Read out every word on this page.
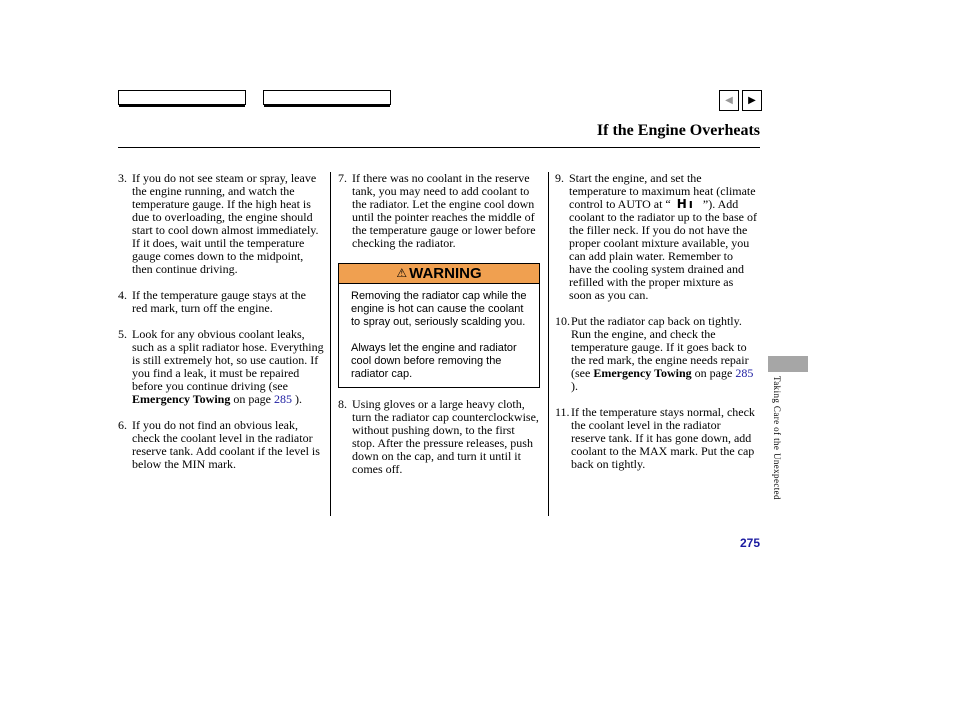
◀ ▶
If the Engine Overheats
3. If you do not see steam or spray, leave the engine running, and watch the temperature gauge. If the high heat is due to overloading, the engine should start to cool down almost immediately. If it does, wait until the temperature gauge comes down to the midpoint, then continue driving.
4. If the temperature gauge stays at the red mark, turn off the engine.
5. Look for any obvious coolant leaks, such as a split radiator hose. Everything is still extremely hot, so use caution. If you find a leak, it must be repaired before you continue driving (see Emergency Towing on page 285 ).
6. If you do not find an obvious leak, check the coolant level in the radiator reserve tank. Add coolant if the level is below the MIN mark.
7. If there was no coolant in the reserve tank, you may need to add coolant to the radiator. Let the engine cool down until the pointer reaches the middle of the temperature gauge or lower before checking the radiator.
⚠ WARNING

Removing the radiator cap while the engine is hot can cause the coolant to spray out, seriously scalding you.

Always let the engine and radiator cool down before removing the radiator cap.

8. Using gloves or a large heavy cloth, turn the radiator cap counterclockwise, without pushing down, to the first stop. After the pressure releases, push down on the cap, and turn it until it comes off.
9. Start the engine, and set the temperature to maximum heat (climate control to AUTO at “ Hı ”). Add coolant to the radiator up to the base of the filler neck. If you do not have the proper coolant mixture available, you can add plain water. Remember to have the cooling system drained and refilled with the proper mixture as soon as you can.
10. Put the radiator cap back on tightly. Run the engine, and check the temperature gauge. If it goes back to the red mark, the engine needs repair (see Emergency Towing on page 285 ).
11. If the temperature stays normal, check the coolant level in the radiator reserve tank. If it has gone down, add coolant to the MAX mark. Put the cap back on tightly.	Taking Care of the Unexpected
275
